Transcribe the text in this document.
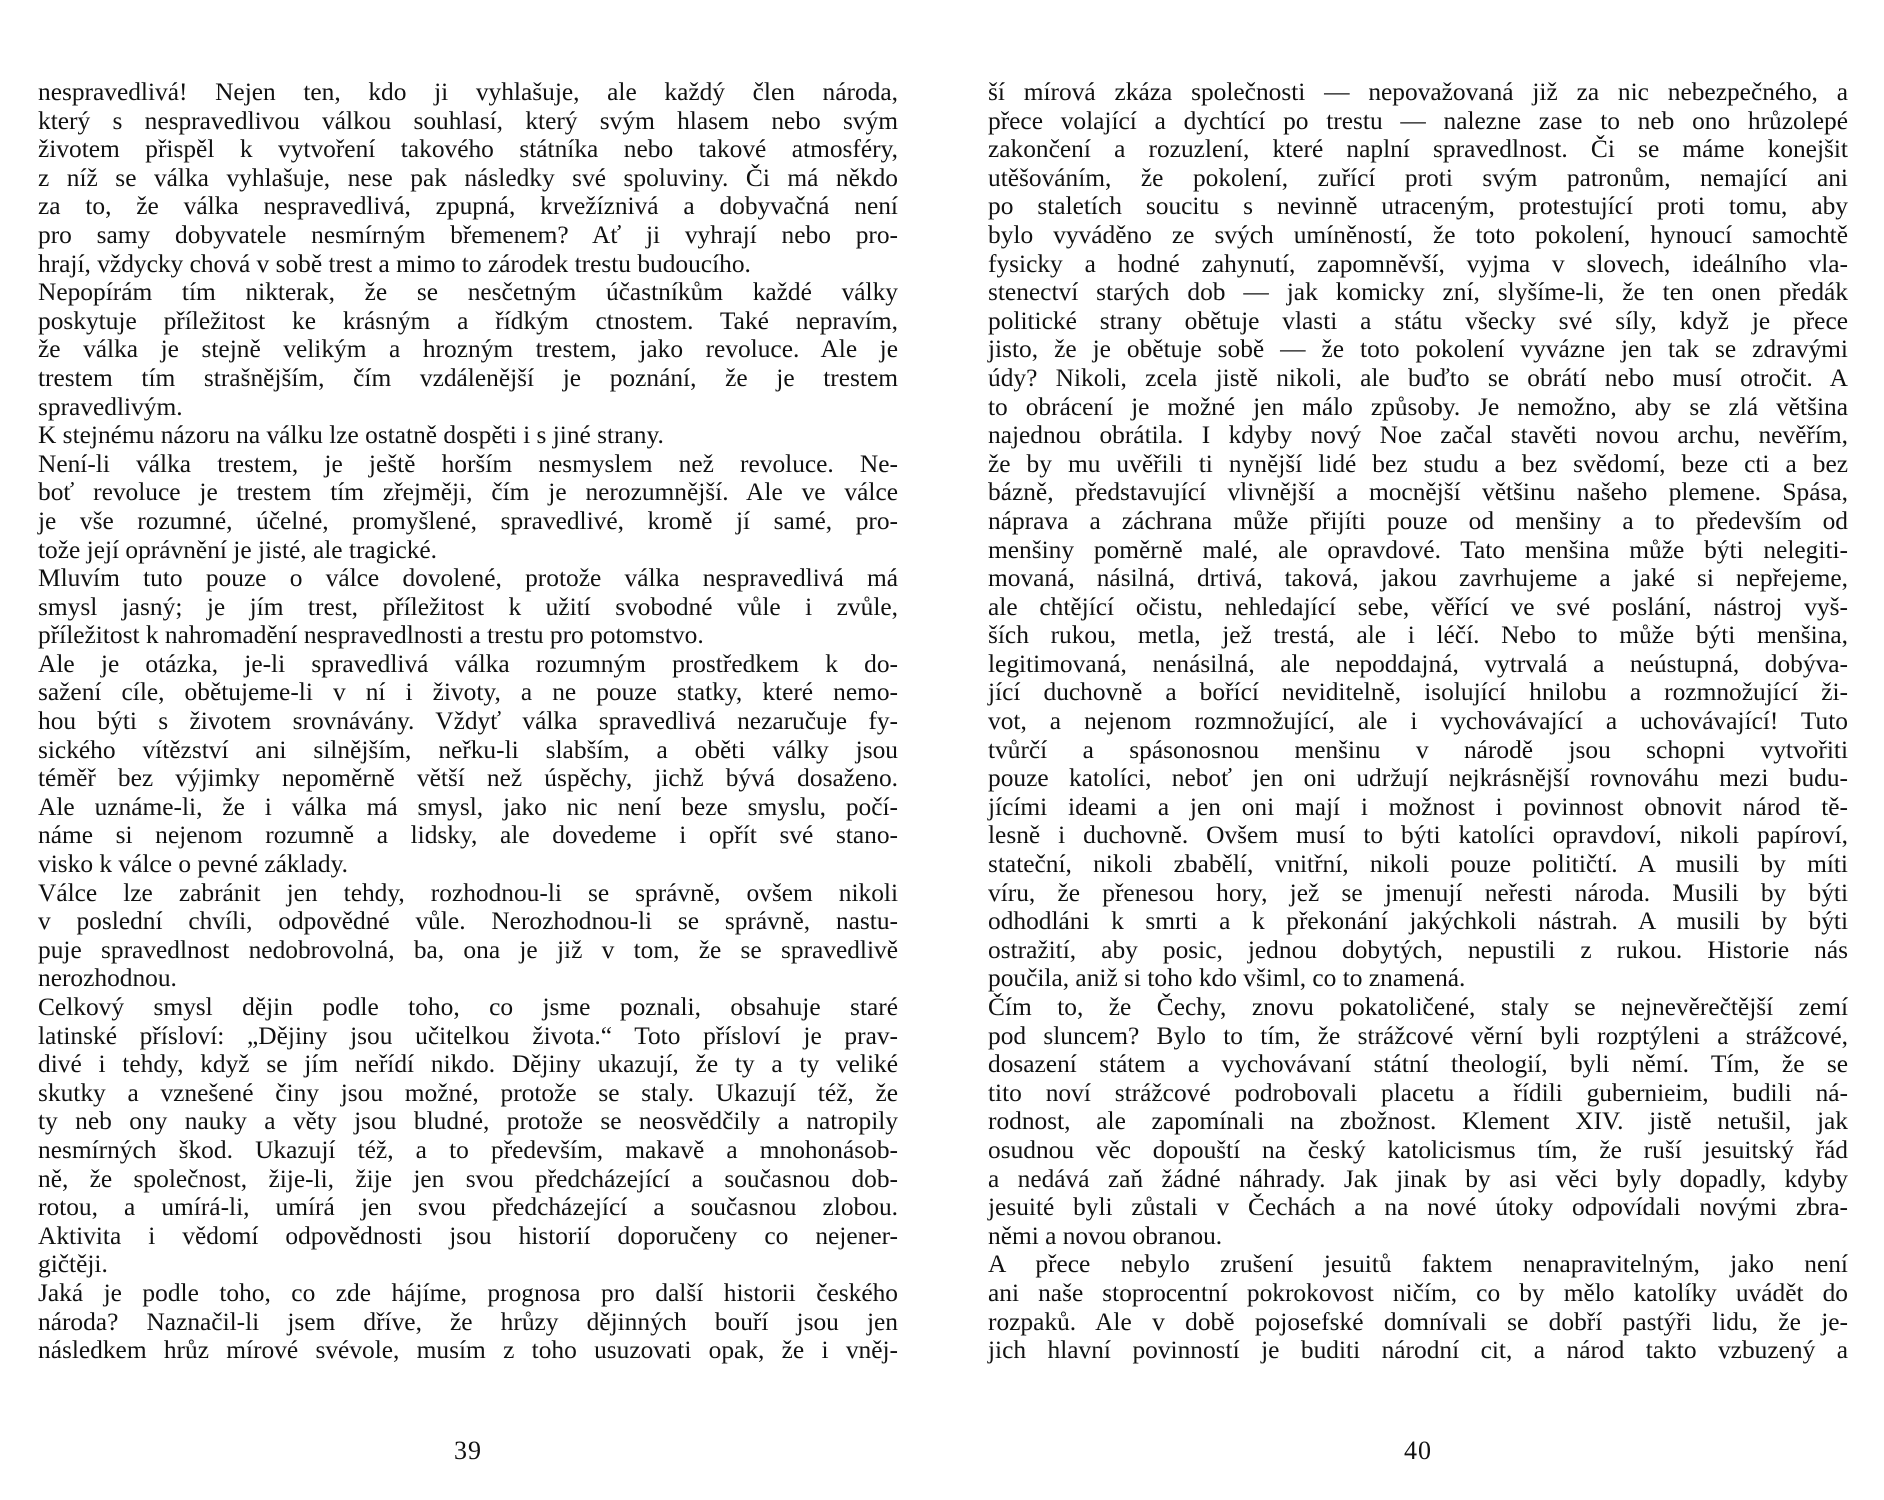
nespravedlivá! Nejen ten, kdo ji vyhlašuje, ale každý člen národa,
který s nespravedlivou válkou souhlasí, který svým hlasem nebo svým
životem přispěl k vytvoření takového státníka nebo takové atmosféry,
z níž se válka vyhlašuje, nese pak následky své spoluviny. Či má někdo
za to, že válka nespravedlivá, zpupná, krvežíznivá a dobyvačná není
pro samy dobyvatele nesmírným břemenem? Ať ji vyhrají nebo pro-
hrají, vždycky chová v sobě trest a mimo to zárodek trestu budoucího.
Nepopírám tím nikterak, že se nesčetným účastníkům každé války
poskytuje příležitost ke krásným a řídkým ctnostem. Také nepravím,
že válka je stejně velikým a hrozným trestem, jako revoluce. Ale je
trestem tím strašnějším, čím vzdálenější je poznání, že je trestem
spravedlivým.
K stejnému názoru na válku lze ostatně dospěti i s jiné strany.
Není-li válka trestem, je ještě horším nesmyslem než revoluce. Ne-
boť revoluce je trestem tím zřejměji, čím je nerozumnější. Ale ve válce
je vše rozumné, účelné, promyšlené, spravedlivé, kromě jí samé, pro-
tože její oprávnění je jisté, ale tragické.
Mluvím tuto pouze o válce dovolené, protože válka nespravedlivá má
smysl jasný; je jím trest, příležitost k užití svobodné vůle i zvůle,
příležitost k nahromadění nespravedlnosti a trestu pro potomstvo.
Ale je otázka, je-li spravedlivá válka rozumným prostředkem k do-
sažení cíle, obětujeme-li v ní i životy, a ne pouze statky, které nemo-
hou býti s životem srovnávány. Vždyť válka spravedlivá nezaručuje fy-
sického vítězství ani silnějším, neřku-li slabším, a oběti války jsou
téměř bez výjimky nepoměrně větší než úspěchy, jichž bývá dosaženo.
Ale uznáme-li, že i válka má smysl, jako nic není beze smyslu, počí-
náme si nejenom rozumně a lidsky, ale dovedeme i opřít své stano-
visko k válce o pevné základy.
Válce lze zabránit jen tehdy, rozhodnou-li se správně, ovšem nikoli
v poslední chvíli, odpovědné vůle. Nerozhodnou-li se správně, nastu-
puje spravedlnost nedobrovolná, ba, ona je již v tom, že se spravedlivě
nerozhodnou.
Celkový smysl dějin podle toho, co jsme poznali, obsahuje staré
latinské přísloví: „Dějiny jsou učitelkou života.“ Toto přísloví je prav-
divé i tehdy, když se jím neřídí nikdo. Dějiny ukazují, že ty a ty veliké
skutky a vznešené činy jsou možné, protože se staly. Ukazují též, že
ty neb ony nauky a věty jsou bludné, protože se neosvědčily a natropily
nesmírných škod. Ukazují též, a to především, makavě a mnohonásob-
ně, že společnost, žije-li, žije jen svou předcházející a současnou dob-
rotou, a umírá-li, umírá jen svou předcházející a současnou zlobou.
Aktivita i vědomí odpovědnosti jsou historií doporučeny co nejener-
gičtěji.
Jaká je podle toho, co zde hájíme, prognosa pro další historii českého
národa? Naznačil-li jsem dříve, že hrůzy dějinných bouří jsou jen
následkem hrůz mírové svévole, musím z toho usuzovati opak, že i vněj-
39
ší mírová zkáza společnosti — nepovažovaná již za nic nebezpečného, a
přece volající a dychtící po trestu — nalezne zase to neb ono hrůzolepé
zakončení a rozuzlení, které naplní spravedlnost. Či se máme konejšit
utěšováním, že pokolení, zuřící proti svým patronům, nemající ani
po staletích soucitu s nevinně utraceným, protestující proti tomu, aby
bylo vyváděno ze svých umíněností, že toto pokolení, hynoucí samochtě
fysicky a hodné zahynutí, zapomněvší, vyjma v slovech, ideálního vla-
stenectví starých dob — jak komicky zní, slyšíme-li, že ten onen předák
politické strany obětuje vlasti a státu všecky své síly, když je přece
jisto, že je obětuje sobě — že toto pokolení vyvázne jen tak se zdravými
údy? Nikoli, zcela jistě nikoli, ale buďto se obrátí nebo musí otročit. A
to obrácení je možné jen málo způsoby. Je nemožno, aby se zlá většina
najednou obrátila. I kdyby nový Noe začal stavěti novou archu, nevěřím,
že by mu uvěřili ti nynější lidé bez studu a bez svědomí, beze cti a bez
bázně, představující vlivnější a mocnější většinu našeho plemene. Spása,
náprava a záchrana může přijíti pouze od menšiny a to především od
menšiny poměrně malé, ale opravdové. Tato menšina může býti nelegiti-
movaná, násilná, drtivá, taková, jakou zavrhujeme a jaké si nepřejeme,
ale chtějící očistu, nehledající sebe, věřící ve své poslání, nástroj vyš-
ších rukou, metla, jež trestá, ale i léčí. Nebo to může býti menšina,
legitimovaná, nenásilná, ale nepoddajná, vytrvalá a neústupná, dobýva-
jící duchovně a bořící neviditelně, isolující hnilobu a rozmnožující ži-
vot, a nejenom rozmnožující, ale i vychovávající a uchovávající! Tuto
tvůrčí a spásonosnou menšinu v národě jsou schopni vytvořiti
pouze katolíci, neboť jen oni udržují nejkrásnější rovnováhu mezi budu-
jícími ideami a jen oni mají i možnost i povinnost obnovit národ tě-
lesně i duchovně. Ovšem musí to býti katolíci opravdoví, nikoli papíroví,
stateční, nikoli zbabělí, vnitřní, nikoli pouze političtí. A musili by míti
víru, že přenesou hory, jež se jmenují neřesti národa. Musili by býti
odhodláni k smrti a k překonání jakýchkoli nástrah. A musili by býti
ostražití, aby posic, jednou dobytých, nepustili z rukou. Historie nás
poučila, aniž si toho kdo všiml, co to znamená.
Čím to, že Čechy, znovu pokatoličené, staly se nejnevěrečtější zemí
pod sluncem? Bylo to tím, že strážcové věrní byli rozptýleni a strážcové,
dosazení státem a vychovávaní státní theologií, byli němí. Tím, že se
tito noví strážcové podrobovali placetu a řídili gubernieim, budili ná-
rodnost, ale zapomínali na zbožnost. Klement XIV. jistě netušil, jak
osudnou věc dopouští na český katolicismus tím, že ruší jesuitský řád
a nedává zaň žádné náhrady. Jak jinak by asi věci byly dopadly, kdyby
jesuité byli zůstali v Čechách a na nové útoky odpovídali novými zbra-
němi a novou obranou.
A přece nebylo zrušení jesuitů faktem nenapravitelným, jako není
ani naše stoprocentní pokrokovost ničím, co by mělo katolíky uvádět do
rozpaků. Ale v době pojosefské domnívali se dobří pastýři lidu, že je-
jich hlavní povinností je buditi národní cit, a národ takto vzbuzený a
40
